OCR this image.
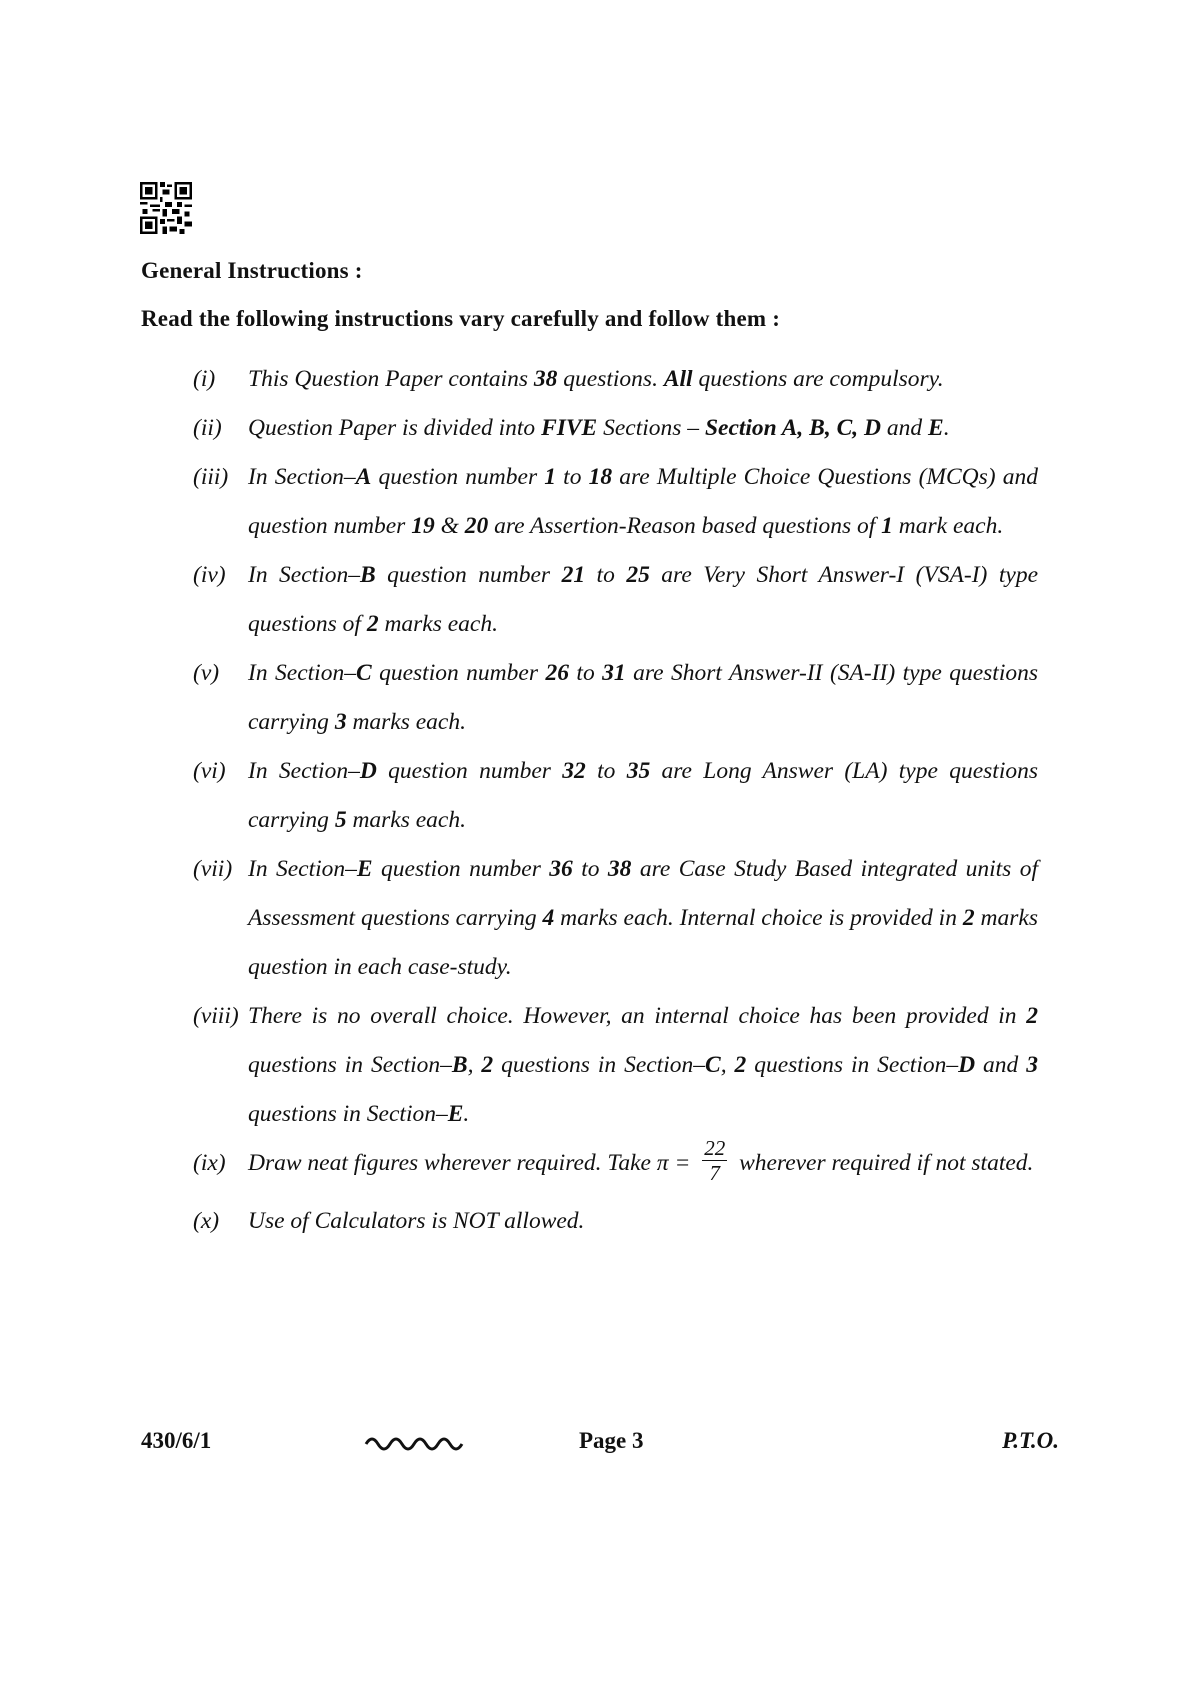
General Instructions :
Read the following instructions vary carefully and follow them :
(i)	This Question Paper contains 38 questions. All questions are compulsory.
(ii)	Question Paper is divided into FIVE Sections – Section A, B, C, D and E.
(iii) In Section–A question number 1 to 18 are Multiple Choice Questions (MCQs) and question number 19 & 20 are Assertion-Reason based questions of 1 mark each.
(iv) In Section–B question number 21 to 25 are Very Short Answer-I (VSA-I) type questions of 2 marks each.
(v)	In Section–C question number 26 to 31 are Short Answer-II (SA-II) type questions carrying 3 marks each.
(vi) In Section–D question number 32 to 35 are Long Answer (LA) type questions carrying 5 marks each.
(vii) In Section–E question number 36 to 38 are Case Study Based integrated units of Assessment questions carrying 4 marks each. Internal choice is provided in 2 marks question in each case-study.
(viii) There is no overall choice. However, an internal choice has been provided in 2 questions in Section–B, 2 questions in Section–C, 2 questions in Section–D and 3 questions in Section–E.
(ix) Draw neat figures wherever required. Take $\pi = \frac{22}{7}$ wherever required if not stated.
(x)	Use of Calculators is NOT allowed.
430/6/1	Page 3	P.T.O.
